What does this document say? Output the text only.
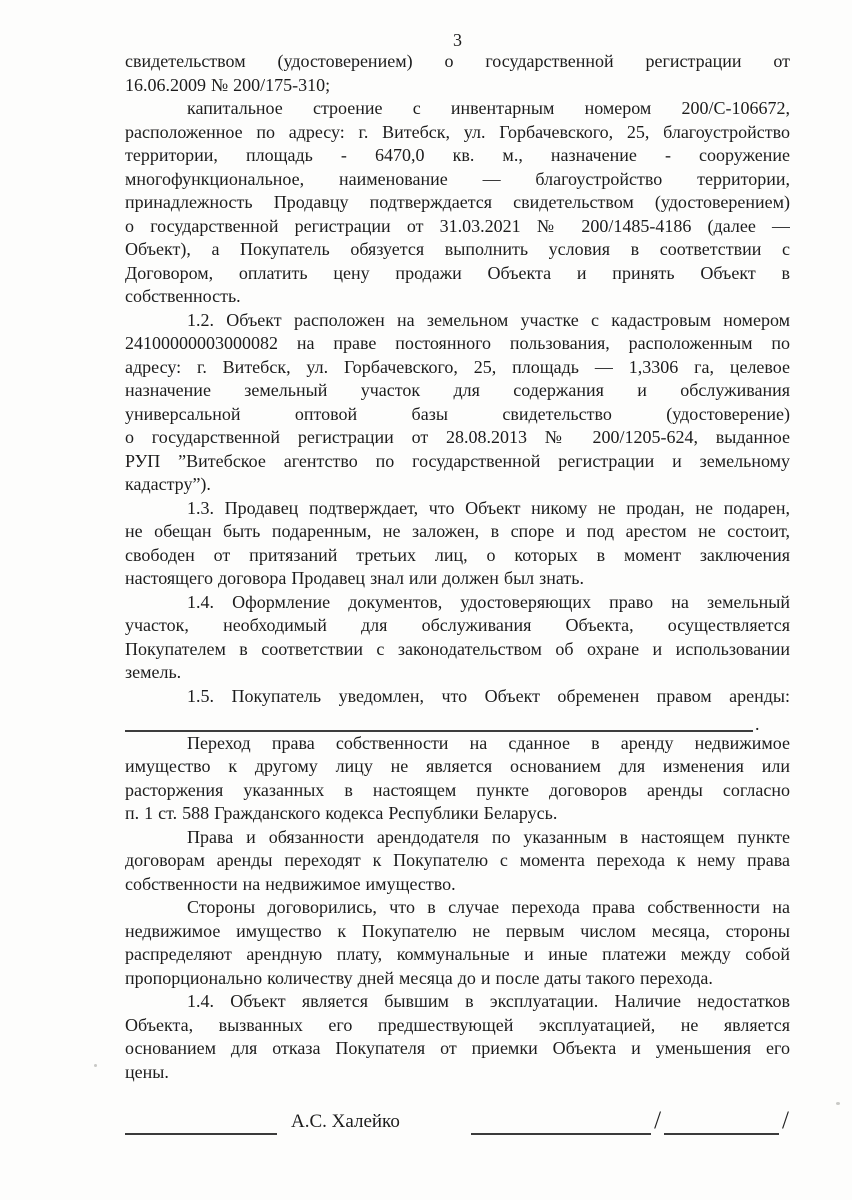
3
свидетельством (удостоверением) о государственной регистрации от
16.06.2009 № 200/175-310;
капитальное строение с инвентарным номером 200/С-106672,
расположенное по адресу: г. Витебск, ул. Горбачевского, 25, благоустройство
территории, площадь - 6470,0 кв. м., назначение - сооружение
многофункциональное, наименование — благоустройство территории,
принадлежность Продавцу подтверждается свидетельством (удостоверением)
о государственной регистрации от 31.03.2021 № 200/1485-4186 (далее —
Объект), а Покупатель обязуется выполнить условия в соответствии с
Договором, оплатить цену продажи Объекта и принять Объект в
собственность.
1.2. Объект расположен на земельном участке с кадастровым номером
24100000003000082 на праве постоянного пользования, расположенным по
адресу: г. Витебск, ул. Горбачевского, 25, площадь — 1,3306 га, целевое
назначение земельный участок для содержания и обслуживания
универсальной оптовой базы свидетельство (удостоверение)
о государственной регистрации от 28.08.2013 № 200/1205-624, выданное
РУП ”Витебское агентство по государственной регистрации и земельному
кадастру”).
1.3. Продавец подтверждает, что Объект никому не продан, не подарен,
не обещан быть подаренным, не заложен, в споре и под арестом не состоит,
свободен от притязаний третьих лиц, о которых в момент заключения
настоящего договора Продавец знал или должен был знать.
1.4. Оформление документов, удостоверяющих право на земельный
участок, необходимый для обслуживания Объекта, осуществляется
Покупателем в соответствии с законодательством об охране и использовании
земель.
1.5. Покупатель уведомлен, что Объект обременен правом аренды:
.
Переход права собственности на сданное в аренду недвижимое
имущество к другому лицу не является основанием для изменения или
расторжения указанных в настоящем пункте договоров аренды согласно
п. 1 ст. 588 Гражданского кодекса Республики Беларусь.
Права и обязанности арендодателя по указанным в настоящем пункте
договорам аренды переходят к Покупателю с момента перехода к нему права
собственности на недвижимое имущество.
Стороны договорились, что в случае перехода права собственности на
недвижимое имущество к Покупателю не первым числом месяца, стороны
распределяют арендную плату, коммунальные и иные платежи между собой
пропорционально количеству дней месяца до и после даты такого перехода.
1.4. Объект является бывшим в эксплуатации. Наличие недостатков
Объекта, вызванных его предшествующей эксплуатацией, не является
основанием для отказа Покупателя от приемки Объекта и уменьшения его
цены.
А.С. Халейко	/	/
